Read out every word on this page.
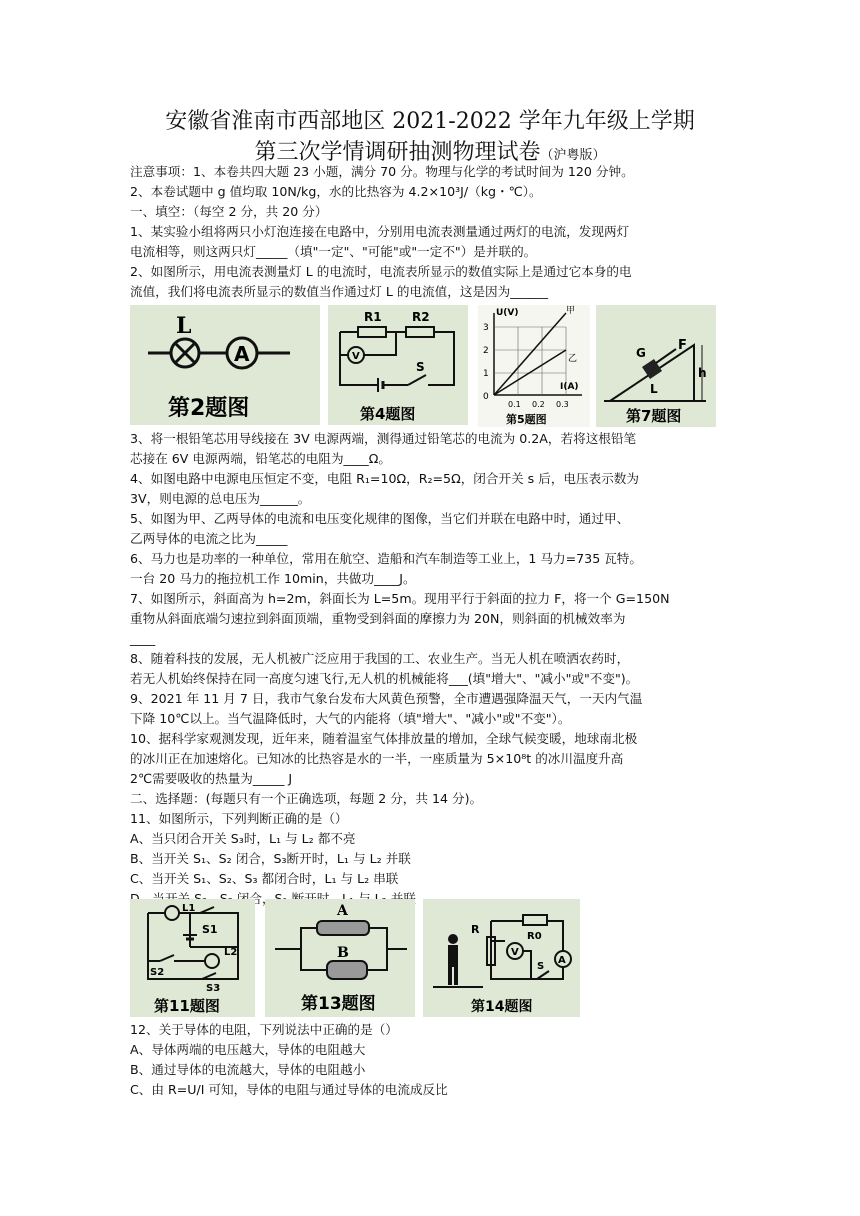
安徽省淮南市西部地区 2021-2022 学年九年级上学期
第三次学情调研抽测物理试卷（沪粤版）
注意事项：1、本卷共四大题 23 小题，满分 70 分。物理与化学的考试时间为 120 分钟。
2、本卷试题中 g 值均取 10N/kg，水的比热容为 4.2×10³J/（kg・℃）。
一、填空：（每空 2 分，共 20 分）
1、某实验小组将两只小灯泡连接在电路中，分别用电流表测量通过两灯的电流，发现两灯
电流相等，则这两只灯_____（填"一定"、"可能"或"一定不"）是并联的。
2、如图所示，用电流表测量灯 L 的电流时，电流表所显示的数值实际上是通过它本身的电
流值，我们将电流表所显示的数值当作通过灯 L 的电流值，这是因为______
L
A
第2题图
R1	R2
V
S
第4题图
U(V)	甲
乙
3
2
1
0
I(A)
0.1 0.2 0.3
第5题图
F
G
h
L
第7题图
3、将一根铅笔芯用导线接在 3V 电源两端，测得通过铅笔芯的电流为 0.2A，若将这根铅笔
芯接在 6V 电源两端，铅笔芯的电阻为____Ω。
4、如图电路中电源电压恒定不变，电阻 R₁=10Ω，R₂=5Ω，闭合开关 s 后，电压表示数为
3V，则电源的总电压为______。
5、如图为甲、乙两导体的电流和电压变化规律的图像，当它们并联在电路中时，通过甲、
乙两导体的电流之比为_____
6、马力也是功率的一种单位，常用在航空、造船和汽车制造等工业上，1 马力=735 瓦特。
一台 20 马力的拖拉机工作 10min，共做功____J。
7、如图所示，斜面高为 h=2m，斜面长为 L=5m。现用平行于斜面的拉力 F，将一个 G=150N
重物从斜面底端匀速拉到斜面顶端，重物受到斜面的摩擦力为 20N，则斜面的机械效率为
____
8、随着科技的发展，无人机被广泛应用于我国的工、农业生产。当无人机在喷洒农药时，
若无人机始终保持在同一高度匀速飞行,无人机的机械能将___(填"增大"、"减小"或"不变")。
9、2021 年 11 月 7 日，我市气象台发布大风黄色预警，全市遭遇强降温天气，一天内气温
下降 10℃以上。当气温降低时，大气的内能将（填"增大"、"减小"或"不变"）。
10、据科学家观测发现，近年来，随着温室气体排放量的增加，全球气候变暖，地球南北极
的冰川正在加速熔化。已知冰的比热容是水的一半，一座质量为 5×10⁸t 的冰川温度升高
2℃需要吸收的热量为_____ J
二、选择题：(每题只有一个正确选项，每题 2 分，共 14 分)。
11、如图所示，下列判断正确的是（）
A、当只闭合开关 S₃时，L₁ 与 L₂ 都不亮
B、当开关 S₁、S₂ 闭合，S₃断开时，L₁ 与 L₂ 并联
C、当开关 S₁、S₂、S₃ 都闭合时，L₁ 与 L₂ 串联
闭合，S₁
L1
S1
L2
S2
S3
第11题图
A
B
第13题图
R0
A
R
V
S
第14题图
12、关于导体的电阻，下列说法中正确的是（）
A、导体两端的电压越大，导体的电阻越大
B、通过导体的电流越大，导体的电阻越小
C、由 R=U/I 可知，导体的电阻与通过导体的电流成反比
